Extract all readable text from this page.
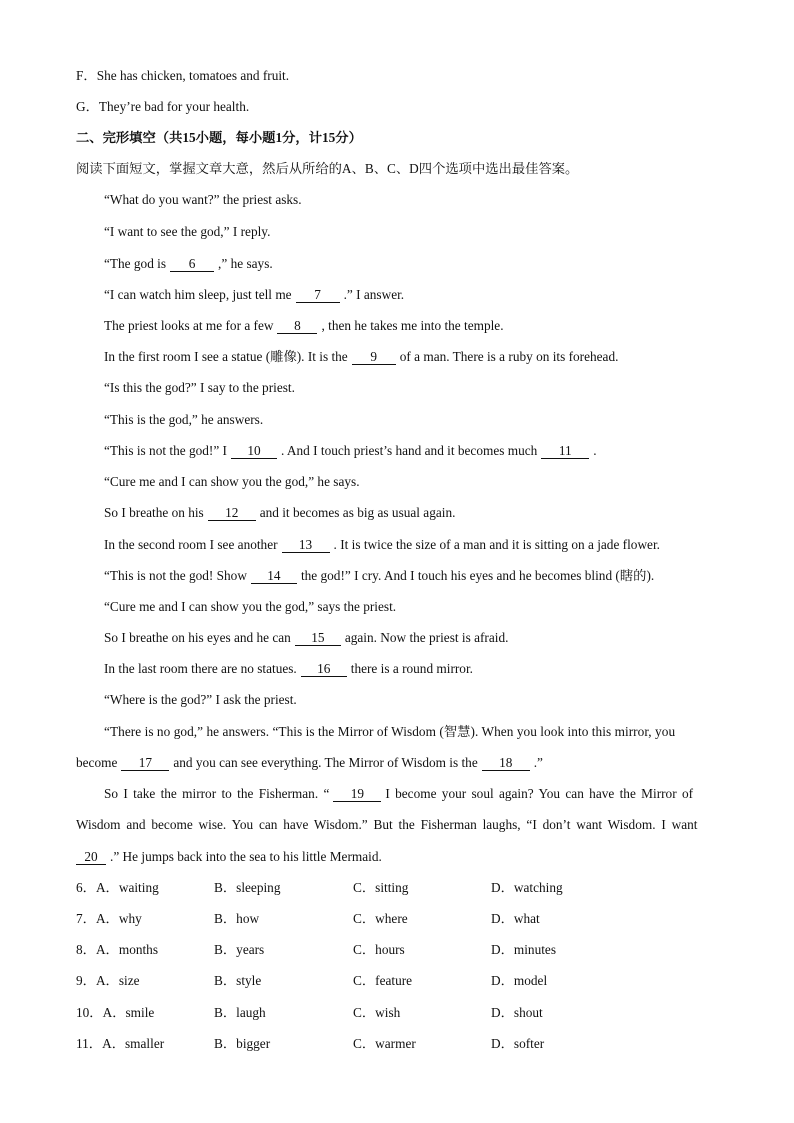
F．She has chicken, tomatoes and fruit.
G．They’re bad for your health.
二、完形填空（共15小题，每小题1分，计15分）
阅读下面短文，掌握文章大意，然后从所给的A、B、C、D四个选项中选出最佳答案。
“What do you want?” the priest asks.
“I want to see the god,” I reply.
“The god is 6 ,” he says.
“I can watch him sleep, just tell me 7 .” I answer.
The priest looks at me for a few 8 , then he takes me into the temple.
In the first room I see a statue (雕像). It is the 9 of a man. There is a ruby on its forehead.
“Is this the god?” I say to the priest.
“This is the god,” he answers.
“This is not the god!” I 10 . And I touch priest’s hand and it becomes much 11 .
“Cure me and I can show you the god,” he says.
So I breathe on his 12 and it becomes as big as usual again.
In the second room I see another 13 . It is twice the size of a man and it is sitting on a jade flower.
“This is not the god! Show 14 the god!” I cry. And I touch his eyes and he becomes blind (瞎的).
“Cure me and I can show you the god,” says the priest.
So I breathe on his eyes and he can 15 again. Now the priest is afraid.
In the last room there are no statues. 16 there is a round mirror.
“Where is the god?” I ask the priest.
“There is no god,” he answers. “This is the Mirror of Wisdom (智慧). When you look into this mirror, you
become 17 and you can see everything. The Mirror of Wisdom is the 18 .”
So I take the mirror to the Fisherman. “ 19 I become your soul again? You can have the Mirror of
Wisdom and become wise. You can have Wisdom.” But the Fisherman laughs, “I don’t want Wisdom. I want
20 .” He jumps back into the sea to his little Mermaid.
6．A．waiting	B．sleeping	C．sitting	D．watching
7．A．why	B．how	C．where	D．what
8．A．months	B．years	C．hours	D．minutes
9．A．size	B．style	C．feature	D．model
10．A．smile	B．laugh	C．wish	D．shout
11．A．smaller	B．bigger	C．warmer	D．softer
